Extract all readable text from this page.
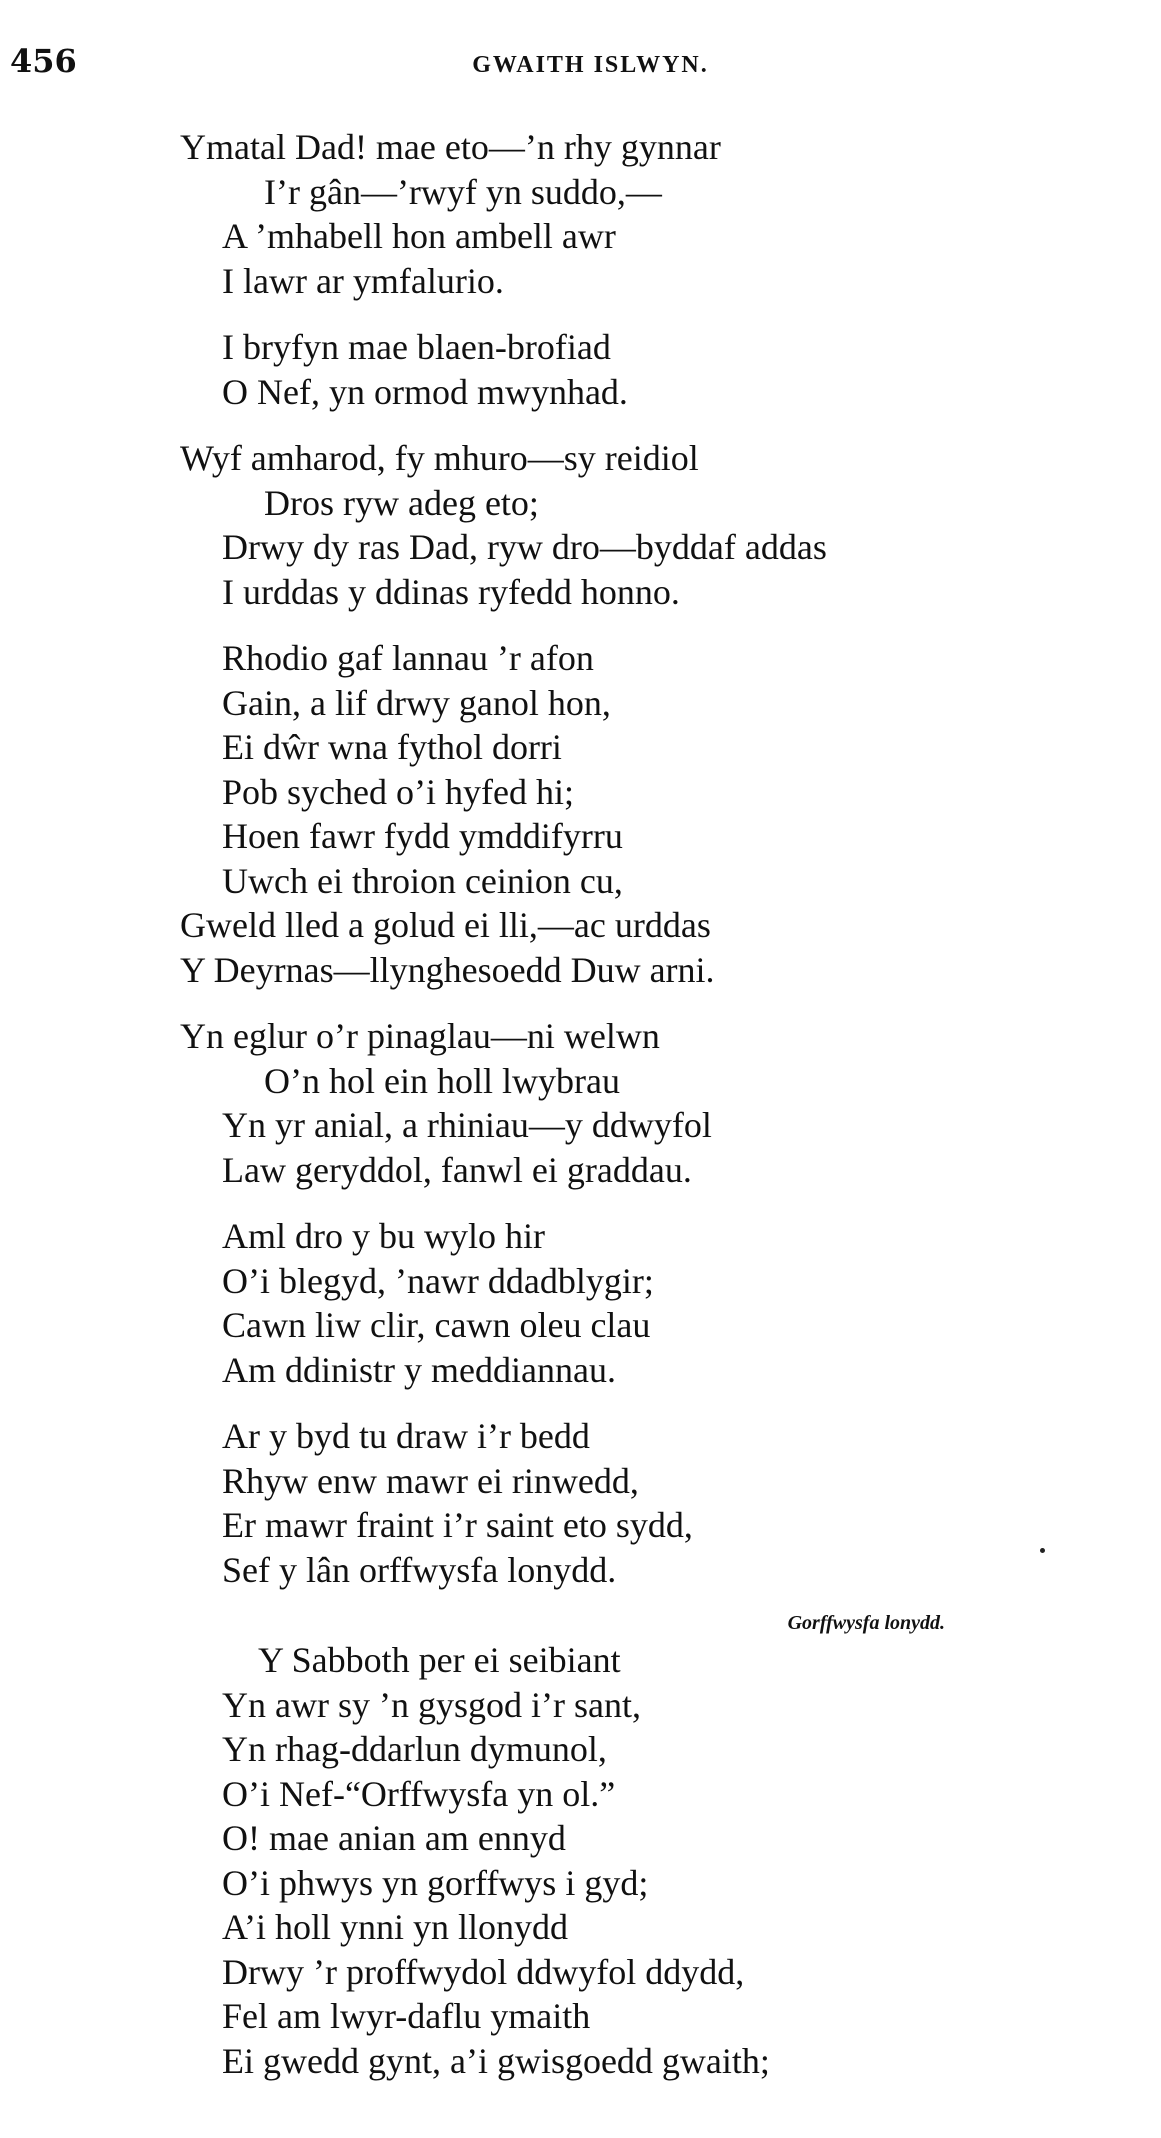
456	GWAITH ISLWYN.
Ymatal Dad! mae eto—’n rhy gynnar
I’r gân—’rwyf yn suddo,—
A ’mhabell hon ambell awr
I lawr ar ymfalurio.
I bryfyn mae blaen-brofiad
O Nef, yn ormod mwynhad.
Wyf amharod, fy mhuro—sy reidiol
Dros ryw adeg eto;
Drwy dy ras Dad, ryw dro—byddaf addas
I urddas y ddinas ryfedd honno.
Rhodio gaf lannau ’r afon
Gain, a lif drwy ganol hon,
Ei dŵr wna fythol dorri
Pob syched o’i hyfed hi;
Hoen fawr fydd ymddifyrru
Uwch ei throion ceinion cu,
Gweld lled a golud ei lli,—ac urddas
Y Deyrnas—llynghesoedd Duw arni.
Yn eglur o’r pinaglau—ni welwn
O’n hol ein holl lwybrau
Yn yr anial, a rhiniau—y ddwyfol
Law geryddol, fanwl ei graddau.
Aml dro y bu wylo hir
O’i blegyd, ’nawr ddadblygir;
Cawn liw clir, cawn oleu clau
Am ddinistr y meddiannau.
Ar y byd tu draw i’r bedd
Rhyw enw mawr ei rinwedd,
Er mawr fraint i’r saint eto sydd,
Sef y lân orffwysfa lonydd.
Gorffwysfa lonydd.
Y Sabboth per ei seibiant
Yn awr sy ’n gysgod i’r sant,
Yn rhag-ddarlun dymunol,
O’i Nef-“Orffwysfa yn ol.”
O! mae anian am ennyd
O’i phwys yn gorffwys i gyd;
A’i holl ynni yn llonydd
Drwy ’r proffwydol ddwyfol ddydd,
Fel am lwyr-daflu ymaith
Ei gwedd gynt, a’i gwisgoedd gwaith;
